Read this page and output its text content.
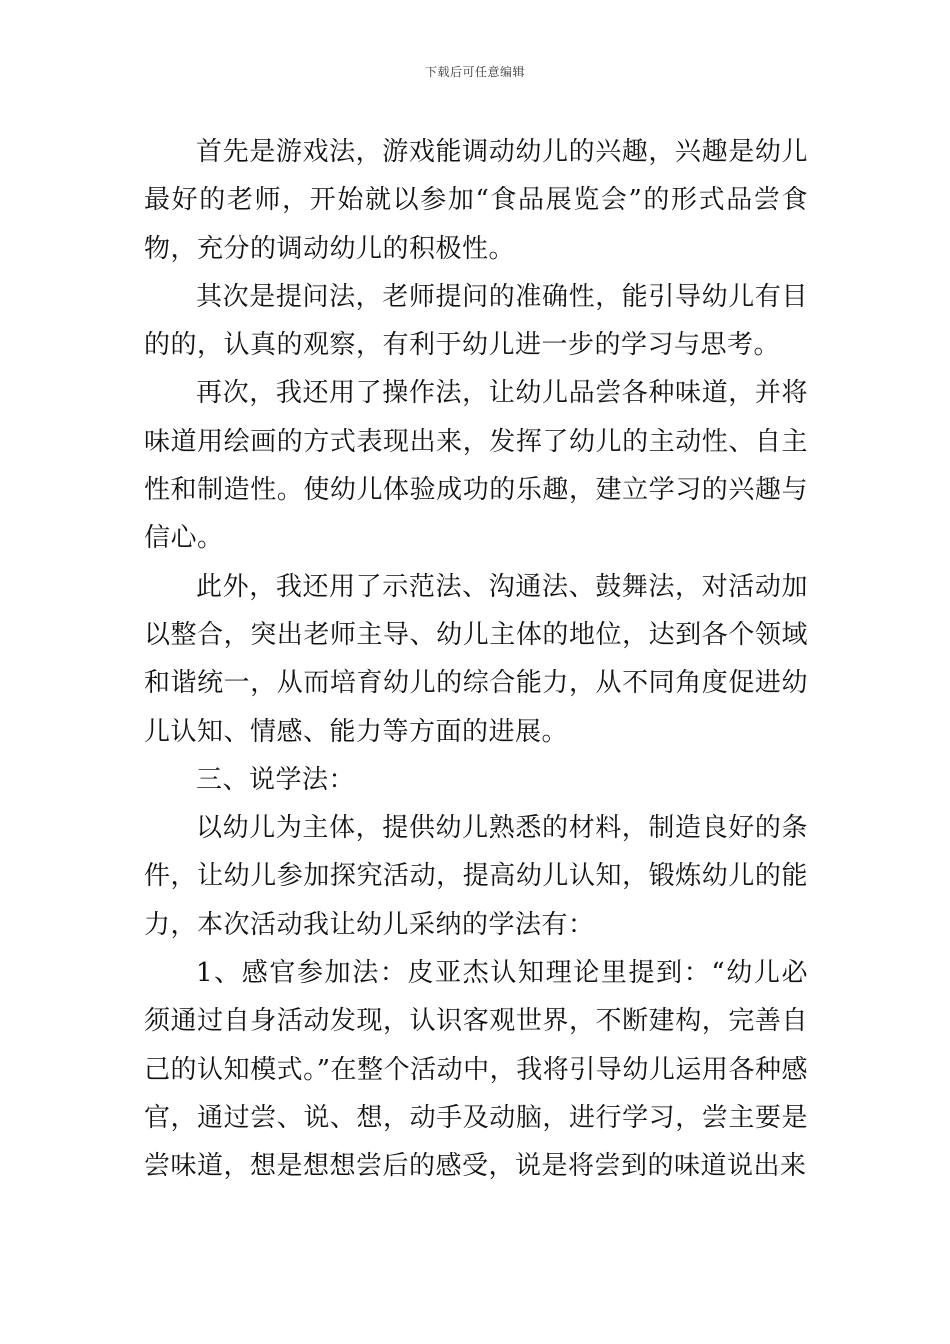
下载后可任意编辑

首先是游戏法，游戏能调动幼儿的兴趣，兴趣是幼儿最好的老师，开始就以参加“食品展览会”的形式品尝食物，充分的调动幼儿的积极性。

其次是提问法，老师提问的准确性，能引导幼儿有目的的，认真的观察，有利于幼儿进一步的学习与思考。

再次，我还用了操作法，让幼儿品尝各种味道，并将味道用绘画的方式表现出来，发挥了幼儿的主动性、自主性和制造性。使幼儿体验成功的乐趣，建立学习的兴趣与信心。

此外，我还用了示范法、沟通法、鼓舞法，对活动加以整合，突出老师主导、幼儿主体的地位，达到各个领域和谐统一，从而培育幼儿的综合能力，从不同角度促进幼儿认知、情感、能力等方面的进展。

三、说学法：

以幼儿为主体，提供幼儿熟悉的材料，制造良好的条件，让幼儿参加探究活动，提高幼儿认知，锻炼幼儿的能力，本次活动我让幼儿采纳的学法有：

1、感官参加法：皮亚杰认知理论里提到：“幼儿必须通过自身活动发现，认识客观世界，不断建构，完善自己的认知模式。”在整个活动中，我将引导幼儿运用各种感官，通过尝、说、想，动手及动脑，进行学习，尝主要是尝味道，想是想想尝后的感受，说是将尝到的味道说出来
